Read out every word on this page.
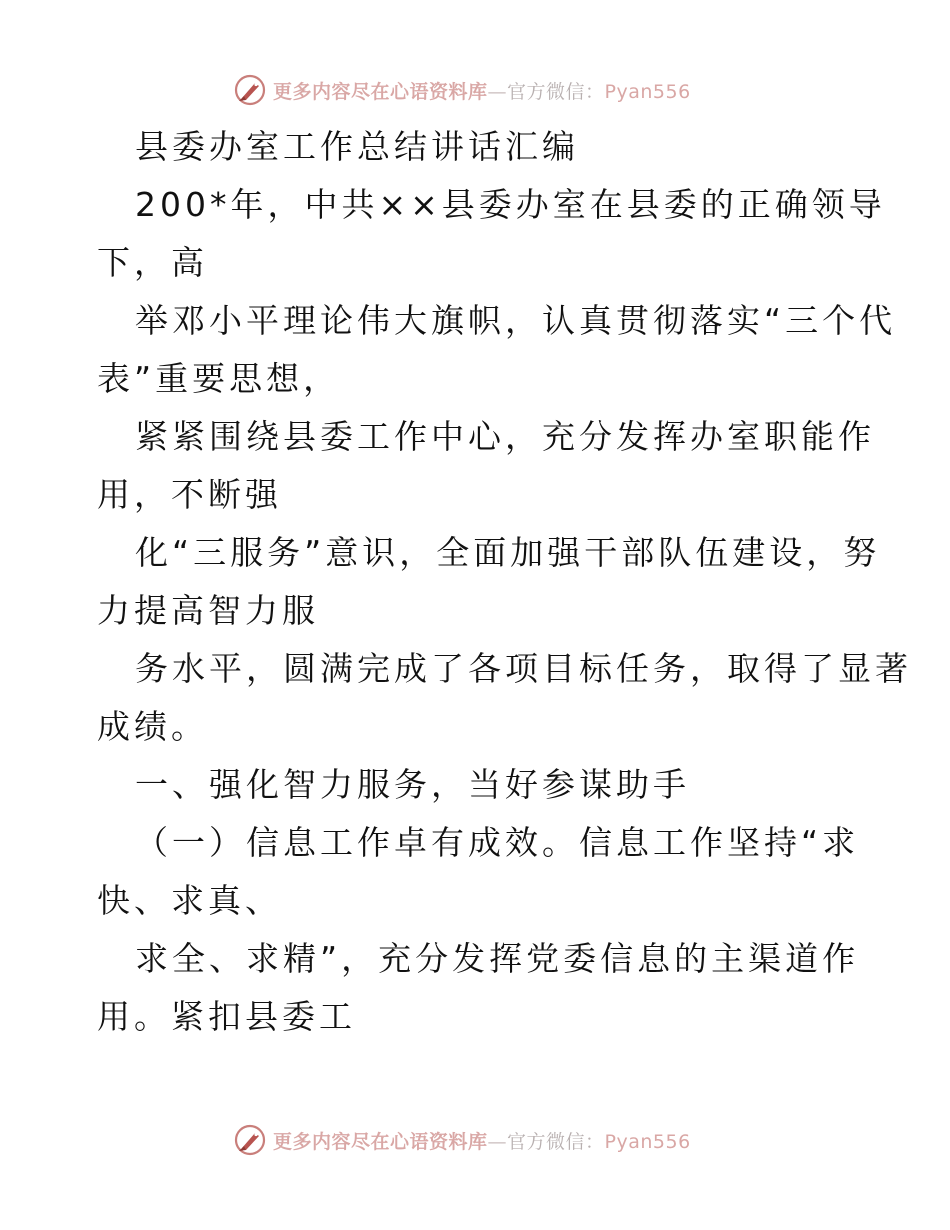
更多内容尽在心语资料库—官方微信：Pyan556
县委办室工作总结讲话汇编
200*年，中共××县委办室在县委的正确领导
下，高
举邓小平理论伟大旗帜，认真贯彻落实“三个代
表”重要思想，
紧紧围绕县委工作中心，充分发挥办室职能作
用，不断强
化“三服务”意识，全面加强干部队伍建设，努
力提高智力服
务水平，圆满完成了各项目标任务，取得了显著
成绩。
一、强化智力服务，当好参谋助手
（一）信息工作卓有成效。信息工作坚持“求
快、求真、
求全、求精”，充分发挥党委信息的主渠道作
用。紧扣县委工
更多内容尽在心语资料库—官方微信：Pyan556
